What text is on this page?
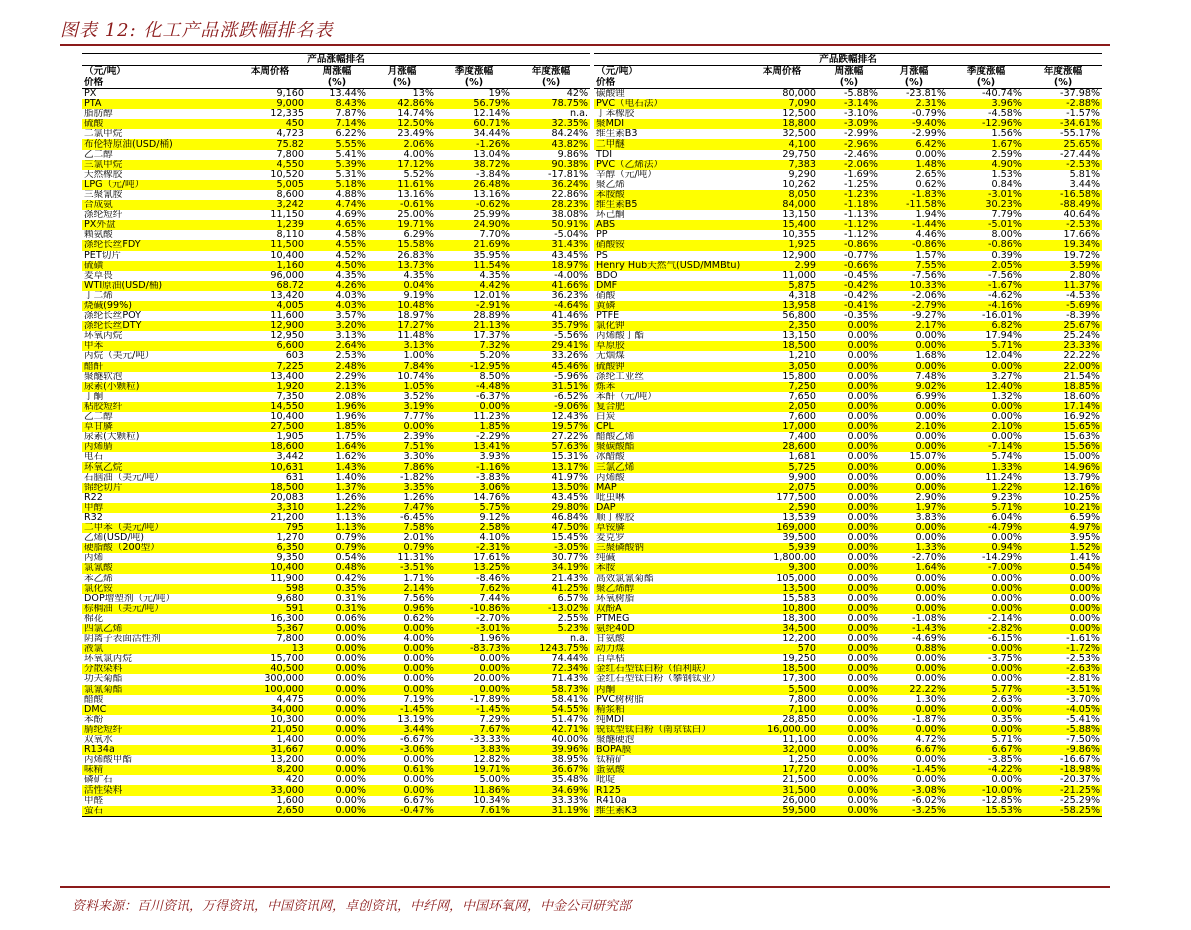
图表 12: 化工产品涨跌幅排名表
产品涨幅排名					
（元/吨）	本周价格	周涨幅	月涨幅	季度涨幅	年度涨幅
价格		(%)	(%)	(%)	(%)
PX	9,160	13.44%	13%	19%	42%
PTA	9,000	8.43%	42.86%	56.79%	78.75%
脂肪醇	12,335	7.87%	14.74%	12.14%	n.a.
硫酸	450	7.14%	12.50%	60.71%	32.35%
二氯甲烷	4,723	6.22%	23.49%	34.44%	84.24%
布伦特原油(USD/桶)	75.82	5.55%	2.06%	-1.26%	43.82%
乙二醇	7,800	5.41%	4.00%	13.04%	9.86%
三氯甲烷	4,550	5.39%	17.12%	38.72%	90.38%
天然橡胶	10,520	5.31%	5.52%	-3.84%	-17.81%
LPG（元/吨）	5,005	5.18%	11.61%	26.48%	36.24%
三聚氰胺	8,600	4.88%	13.16%	13.16%	22.86%
合成氨	3,242	4.74%	-0.61%	-0.62%	28.23%
涤纶短纤	11,150	4.69%	25.00%	25.99%	38.08%
PX外盘	1,239	4.65%	19.71%	24.90%	50.91%
赖氨酸	8,110	4.58%	6.29%	7.70%	-5.04%
涤纶长丝FDY	11,500	4.55%	15.58%	21.69%	31.43%
PET切片	10,400	4.52%	26.83%	35.95%	43.45%
硫磺	1,160	4.50%	13.73%	11.54%	18.97%
麦草畏	96,000	4.35%	4.35%	4.35%	-4.00%
WTI原油(USD/桶)	68.72	4.26%	0.04%	4.42%	41.66%
丁二烯	13,420	4.03%	9.19%	12.01%	36.23%
烧碱(99%)	4,005	4.03%	10.48%	-2.91%	-4.64%
涤纶长丝POY	11,600	3.57%	18.97%	28.89%	41.46%
涤纶长丝DTY	12,900	3.20%	17.27%	21.13%	35.79%
环氧丙烷	12,950	3.13%	11.48%	17.37%	-5.56%
甲苯	6,600	2.64%	3.13%	7.32%	29.41%
丙烷（美元/吨）	603	2.53%	1.00%	5.20%	33.26%
醋酐	7,225	2.48%	7.84%	-12.95%	45.46%
聚醚软泡	13,400	2.29%	10.74%	8.50%	-5.96%
尿素(小颗粒)	1,920	2.13%	1.05%	-4.48%	31.51%
丁酮	7,350	2.08%	3.52%	-6.37%	-6.52%
粘胶短纤	14,550	1.96%	3.19%	0.00%	-9.06%
乙二醇	10,400	1.96%	7.77%	11.23%	12.43%
草甘膦	27,500	1.85%	0.00%	1.85%	19.57%
尿素(大颗粒)	1,905	1.75%	2.39%	-2.29%	27.22%
丙烯腈	18,600	1.64%	7.51%	13.41%	57.63%
电石	3,442	1.62%	3.30%	3.93%	15.31%
环氧乙烷	10,631	1.43%	7.86%	-1.16%	13.17%
石脑油（美元/吨）	631	1.40%	-1.82%	-3.83%	41.97%
锦纶切片	18,500	1.37%	3.35%	3.06%	13.50%
R22	20,083	1.26%	1.26%	14.76%	43.45%
甲醇	3,310	1.22%	7.47%	5.75%	29.80%
R32	21,200	1.13%	-6.45%	9.12%	46.84%
二甲苯（美元/吨）	795	1.13%	7.58%	2.58%	47.50%
乙烯(USD/吨)	1,270	0.79%	2.01%	4.10%	15.45%
硬脂酸（200型）	6,350	0.79%	0.79%	-2.31%	-3.05%
丙烯	9,350	0.54%	11.31%	17.61%	30.77%
氯氰酸	10,400	0.48%	-3.51%	13.25%	34.19%
苯乙烯	11,900	0.42%	1.71%	-8.46%	21.43%
氯化铵	598	0.35%	2.14%	7.62%	41.25%
DOP增塑剂（元/吨）	9,680	0.31%	7.56%	7.44%	6.57%
棕榈油（美元/吨）	591	0.31%	0.96%	-10.86%	-13.02%
棉花	16,300	0.06%	0.62%	-2.70%	2.55%
四氯乙烯	5,367	0.00%	0.00%	-3.01%	5.23%
阴离子表面活性剂	7,800	0.00%	4.00%	1.96%	n.a.
液氯	13	0.00%	0.00%	-83.73%	1243.75%
环氧氯丙烷	15,700	0.00%	0.00%	0.00%	74.44%
分散染料	40,500	0.00%	0.00%	0.00%	72.34%
功夫菊酯	300,000	0.00%	0.00%	20.00%	71.43%
氯氰菊酯	100,000	0.00%	0.00%	0.00%	58.73%
醋酸	4,475	0.00%	7.19%	-17.89%	58.41%
DMC	34,000	0.00%	-1.45%	-1.45%	54.55%
苯酚	10,300	0.00%	13.19%	7.29%	51.47%
腈纶短纤	21,050	0.00%	3.44%	7.67%	42.71%
双氧水	1,400	0.00%	-6.67%	-33.33%	40.00%
R134a	31,667	0.00%	-3.06%	3.83%	39.96%
丙烯酸甲酯	13,200	0.00%	0.00%	12.82%	38.95%
味精	8,200	0.00%	0.61%	19.71%	36.67%
磷矿石	420	0.00%	0.00%	5.00%	35.48%
活性染料	33,000	0.00%	0.00%	11.86%	34.69%
甲醛	1,600	0.00%	6.67%	10.34%	33.33%
萤石	2,650	0.00%	-0.47%	7.61%	31.19%
产品跌幅排名					
（元/吨）	本周价格	周涨幅	月涨幅	季度涨幅	年度涨幅
价格		(%)	(%)	(%)	(%)
碳酸锂	80,000	-5.88%	-23.81%	-40.74%	-37.98%
PVC（电石法）	7,090	-3.14%	2.31%	3.96%	-2.88%
丁苯橡胶	12,500	-3.10%	-0.79%	-4.58%	-1.57%
聚MDI	18,800	-3.09%	-9.40%	-12.96%	-34.61%
维生素B3	32,500	-2.99%	-2.99%	1.56%	-55.17%
二甲醚	4,100	-2.96%	6.42%	1.67%	25.65%
TDI	29,750	-2.46%	0.00%	2.59%	-27.44%
PVC（乙烯法）	7,383	-2.06%	1.48%	4.90%	-2.53%
辛醇（元/吨）	9,290	-1.69%	2.65%	1.53%	5.81%
聚乙烯	10,262	-1.25%	0.62%	0.84%	3.44%
苯胺酸	8,050	-1.23%	-1.83%	-3.01%	-16.58%
维生素B5	84,000	-1.18%	-11.58%	30.23%	-88.49%
环己酮	13,150	-1.13%	1.94%	7.79%	40.64%
ABS	15,400	-1.12%	-1.44%	-5.01%	-2.53%
PP	10,355	-1.12%	4.46%	8.00%	17.66%
硝酸铵	1,925	-0.86%	-0.86%	-0.86%	19.34%
PS	12,900	-0.77%	1.57%	0.39%	19.72%
Henry Hub天然气(USD/MMBtu)	2.99	-0.66%	7.55%	2.05%	3.59%
BDO	11,000	-0.45%	-7.56%	-7.56%	2.80%
DMF	5,875	-0.42%	10.33%	-1.67%	11.37%
硝酸	4,318	-0.42%	-2.06%	-4.62%	-4.53%
黄磷	13,958	-0.41%	-2.79%	-4.16%	-5.69%
PTFE	56,800	-0.35%	-9.27%	-16.01%	-8.39%
氯化钾	2,350	0.00%	2.17%	6.82%	25.67%
丙烯酸丁酯	13,150	0.00%	0.00%	17.94%	25.24%
草原胶	18,500	0.00%	0.00%	5.71%	23.33%
无烟煤	1,210	0.00%	1.68%	12.04%	22.22%
硫酸钾	3,050	0.00%	0.00%	0.00%	22.00%
涤纶工业丝	15,800	0.00%	7.48%	3.27%	21.54%
炼苯	7,250	0.00%	9.02%	12.40%	18.85%
苯酐（元/吨）	7,650	0.00%	6.99%	1.32%	18.60%
复合肥	2,050	0.00%	0.00%	0.00%	17.14%
白炭	7,600	0.00%	0.00%	0.00%	16.92%
CPL	17,000	0.00%	2.10%	2.10%	15.65%
醋酸乙烯	7,400	0.00%	0.00%	0.00%	15.63%
聚碳酸酯	28,600	0.00%	0.00%	-7.14%	15.56%
冰醋酸	1,681	0.00%	15.07%	5.74%	15.00%
三氯乙烯	5,725	0.00%	0.00%	1.33%	14.96%
丙烯酸	9,900	0.00%	0.00%	11.24%	13.79%
MAP	2,075	0.00%	0.00%	1.22%	12.16%
吡虫啉	177,500	0.00%	2.90%	9.23%	10.25%
DAP	2,590	0.00%	1.97%	5.71%	10.21%
顺丁橡胶	13,539	0.00%	3.83%	6.04%	6.59%
草铵膦	169,000	0.00%	0.00%	-4.79%	4.97%
麦克罗	39,500	0.00%	0.00%	0.00%	3.95%
三聚磷酸钠	5,939	0.00%	1.33%	0.94%	1.52%
纯碱	1,800.00	0.00%	-2.70%	-14.29%	1.41%
苯胺	9,300	0.00%	1.64%	-7.00%	0.54%
高效氯氰菊酯	105,000	0.00%	0.00%	0.00%	0.00%
聚乙烯醇	13,500	0.00%	0.00%	0.00%	0.00%
环氧树脂	15,583	0.00%	0.00%	0.00%	0.00%
双酚A	10,800	0.00%	0.00%	0.00%	0.00%
PTMEG	18,300	0.00%	-1.08%	-2.14%	0.00%
氨纶40D	34,500	0.00%	-1.43%	-2.82%	0.00%
甘氨酸	12,200	0.00%	-4.69%	-6.15%	-1.61%
动力煤	570	0.00%	0.88%	0.00%	-1.72%
百草枯	19,250	0.00%	0.00%	-3.75%	-2.53%
金红石型钛白粉（佰利联）	18,500	0.00%	0.00%	0.00%	-2.63%
金红石型钛白粉（攀钢钛业）	17,300	0.00%	0.00%	0.00%	-2.81%
丙酮	5,500	0.00%	22.22%	5.77%	-3.51%
PVC树树脂	7,800	0.00%	1.30%	2.63%	-3.70%
精浆粕	7,100	0.00%	0.00%	0.00%	-4.05%
纯MDI	28,850	0.00%	-1.87%	0.35%	-5.41%
锐钛型钛白粉（南京钛白）	16,000.00	0.00%	0.00%	0.00%	-5.88%
聚醚硬泡	11,100	0.00%	4.72%	5.71%	-7.50%
BOPA膜	32,000	0.00%	6.67%	6.67%	-9.86%
钛精矿	1,250	0.00%	0.00%	-3.85%	-16.67%
蛋氨酸	17,720	0.00%	-1.45%	-4.22%	-18.98%
吡啶	21,500	0.00%	0.00%	0.00%	-20.37%
R125	31,500	0.00%	-3.08%	-10.00%	-21.25%
R410a	26,000	0.00%	-6.02%	-12.85%	-25.29%
维生素K3	59,500	0.00%	-3.25%	15.53%	-58.25%
资料来源：百川资讯，万得资讯，中国资讯网，卓创资讯，中纤网，中国环氧网，中金公司研究部
